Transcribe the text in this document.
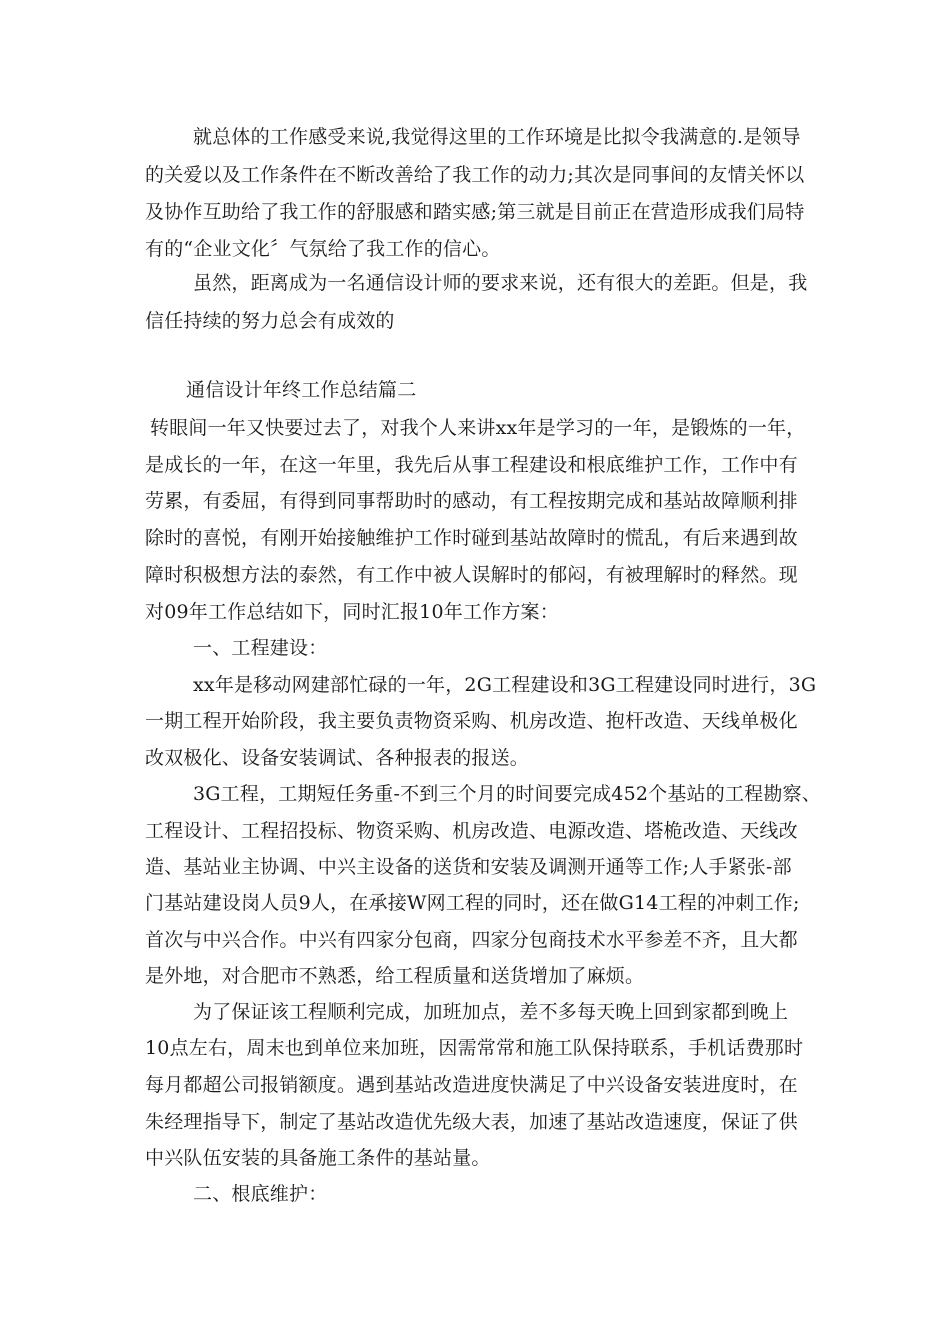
就总体的工作感受来说,我觉得这里的工作环境是比拟令我满意的.是领导
的关爱以及工作条件在不断改善给了我工作的动力;其次是同事间的友情关怀以
及协作互助给了我工作的舒服感和踏实感;第三就是目前正在营造形成我们局特
有的“企业文化〞气氛给了我工作的信心。
虽然，距离成为一名通信设计师的要求来说，还有很大的差距。但是，我
信任持续的努力总会有成效的
通信设计年终工作总结篇二
转眼间一年又快要过去了，对我个人来讲xx年是学习的一年，是锻炼的一年，
是成长的一年，在这一年里，我先后从事工程建设和根底维护工作，工作中有
劳累，有委屈，有得到同事帮助时的感动，有工程按期完成和基站故障顺利排
除时的喜悦，有刚开始接触维护工作时碰到基站故障时的慌乱，有后来遇到故
障时积极想方法的泰然，有工作中被人误解时的郁闷，有被理解时的释然。现
对09年工作总结如下，同时汇报10年工作方案：
一、工程建设：
xx年是移动网建部忙碌的一年，2G工程建设和3G工程建设同时进行，3G
一期工程开始阶段，我主要负责物资采购、机房改造、抱杆改造、天线单极化
改双极化、设备安装调试、各种报表的报送。
3G工程，工期短任务重-不到三个月的时间要完成452个基站的工程勘察、
工程设计、工程招投标、物资采购、机房改造、电源改造、塔桅改造、天线改
造、基站业主协调、中兴主设备的送货和安装及调测开通等工作;人手紧张-部
门基站建设岗人员9人，在承接W网工程的同时，还在做G14工程的冲刺工作;
首次与中兴合作。中兴有四家分包商，四家分包商技术水平参差不齐，且大都
是外地，对合肥市不熟悉，给工程质量和送货增加了麻烦。
为了保证该工程顺利完成，加班加点，差不多每天晚上回到家都到晚上
10点左右，周末也到单位来加班，因需常常和施工队保持联系，手机话费那时
每月都超公司报销额度。遇到基站改造进度快满足了中兴设备安装进度时，在
朱经理指导下，制定了基站改造优先级大表，加速了基站改造速度，保证了供
中兴队伍安装的具备施工条件的基站量。
二、根底维护：
